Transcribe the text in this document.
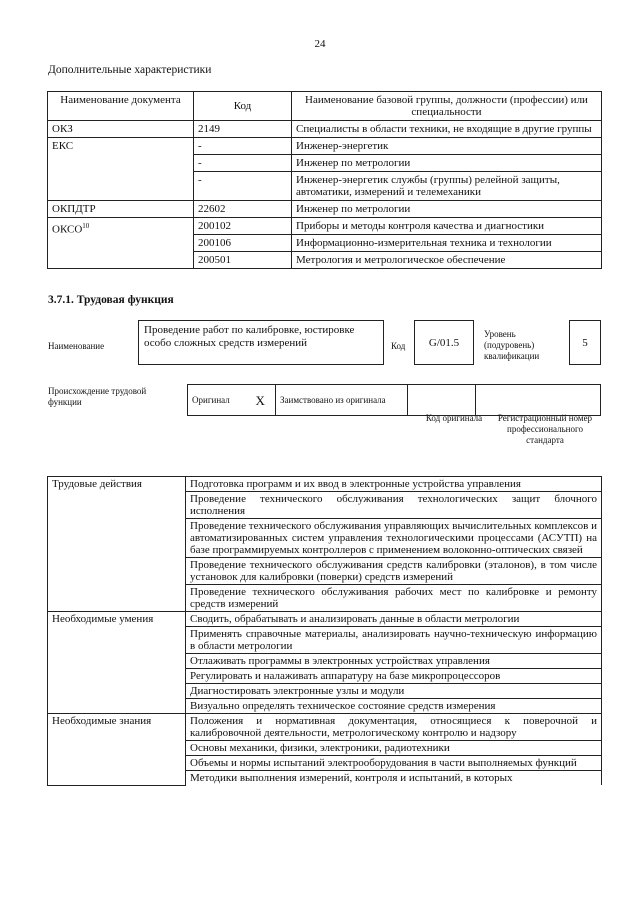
24
Дополнительные характеристики
Наименование документа	Код	Наименование базовой группы, должности (профессии) или специальности
ОКЗ	2149	Специалисты в области техники, не входящие в другие группы
ЕКС	-	Инженер-энергетик
	-	Инженер по метрологии
	-	Инженер-энергетик службы (группы) релейной защиты, автоматики, измерений и телемеханики
ОКПДТР	22602	Инженер по метрологии
ОКСО$^{10}$	200102	Приборы и методы контроля качества и диагностики
	200106	Информационно-измерительная техника и технологии
	200501	Метрология и метрологическое обеспечение
3.7.1. Трудовая функция
Наименование
Проведение работ по калибровке, юстировке особо сложных средств измерений	Код	G/01.5
Уровень (подуровень) квалификации
5
Происхождение трудовой функции	Оригинал	X	Заимствовано из оригинала		
Код оригинала	Регистрационный номер профессионального стандарта
Трудовые действия	Подготовка программ и их ввод в электронные устройства управления
	Проведение технического обслуживания технологических защит блочного исполнения
	Проведение технического обслуживания управляющих вычислительных комплексов и автоматизированных систем управления технологическими процессами (АСУТП) на базе программируемых контроллеров с применением волоконно-оптических связей
	Проведение технического обслуживания средств калибровки (эталонов), в том числе установок для калибровки (поверки) средств измерений
	Проведение технического обслуживания рабочих мест по калибровке и ремонту средств измерений
Необходимые умения	Сводить, обрабатывать и анализировать данные в области метрологии
	Применять справочные материалы, анализировать научно-техническую информацию в области метрологии
	Отлаживать программы в электронных устройствах управления
	Регулировать и налаживать аппаратуру на базе микропроцессоров
	Диагностировать электронные узлы и модули
	Визуально определять техническое состояние средств измерения
Необходимые знания	Положения и нормативная документация, относящиеся к поверочной и калибровочной деятельности, метрологическому контролю и надзору
	Основы механики, физики, электроники, радиотехники
	Объемы и нормы испытаний электрооборудования в части выполняемых функций
	Методики выполнения измерений, контроля и испытаний, в которых
